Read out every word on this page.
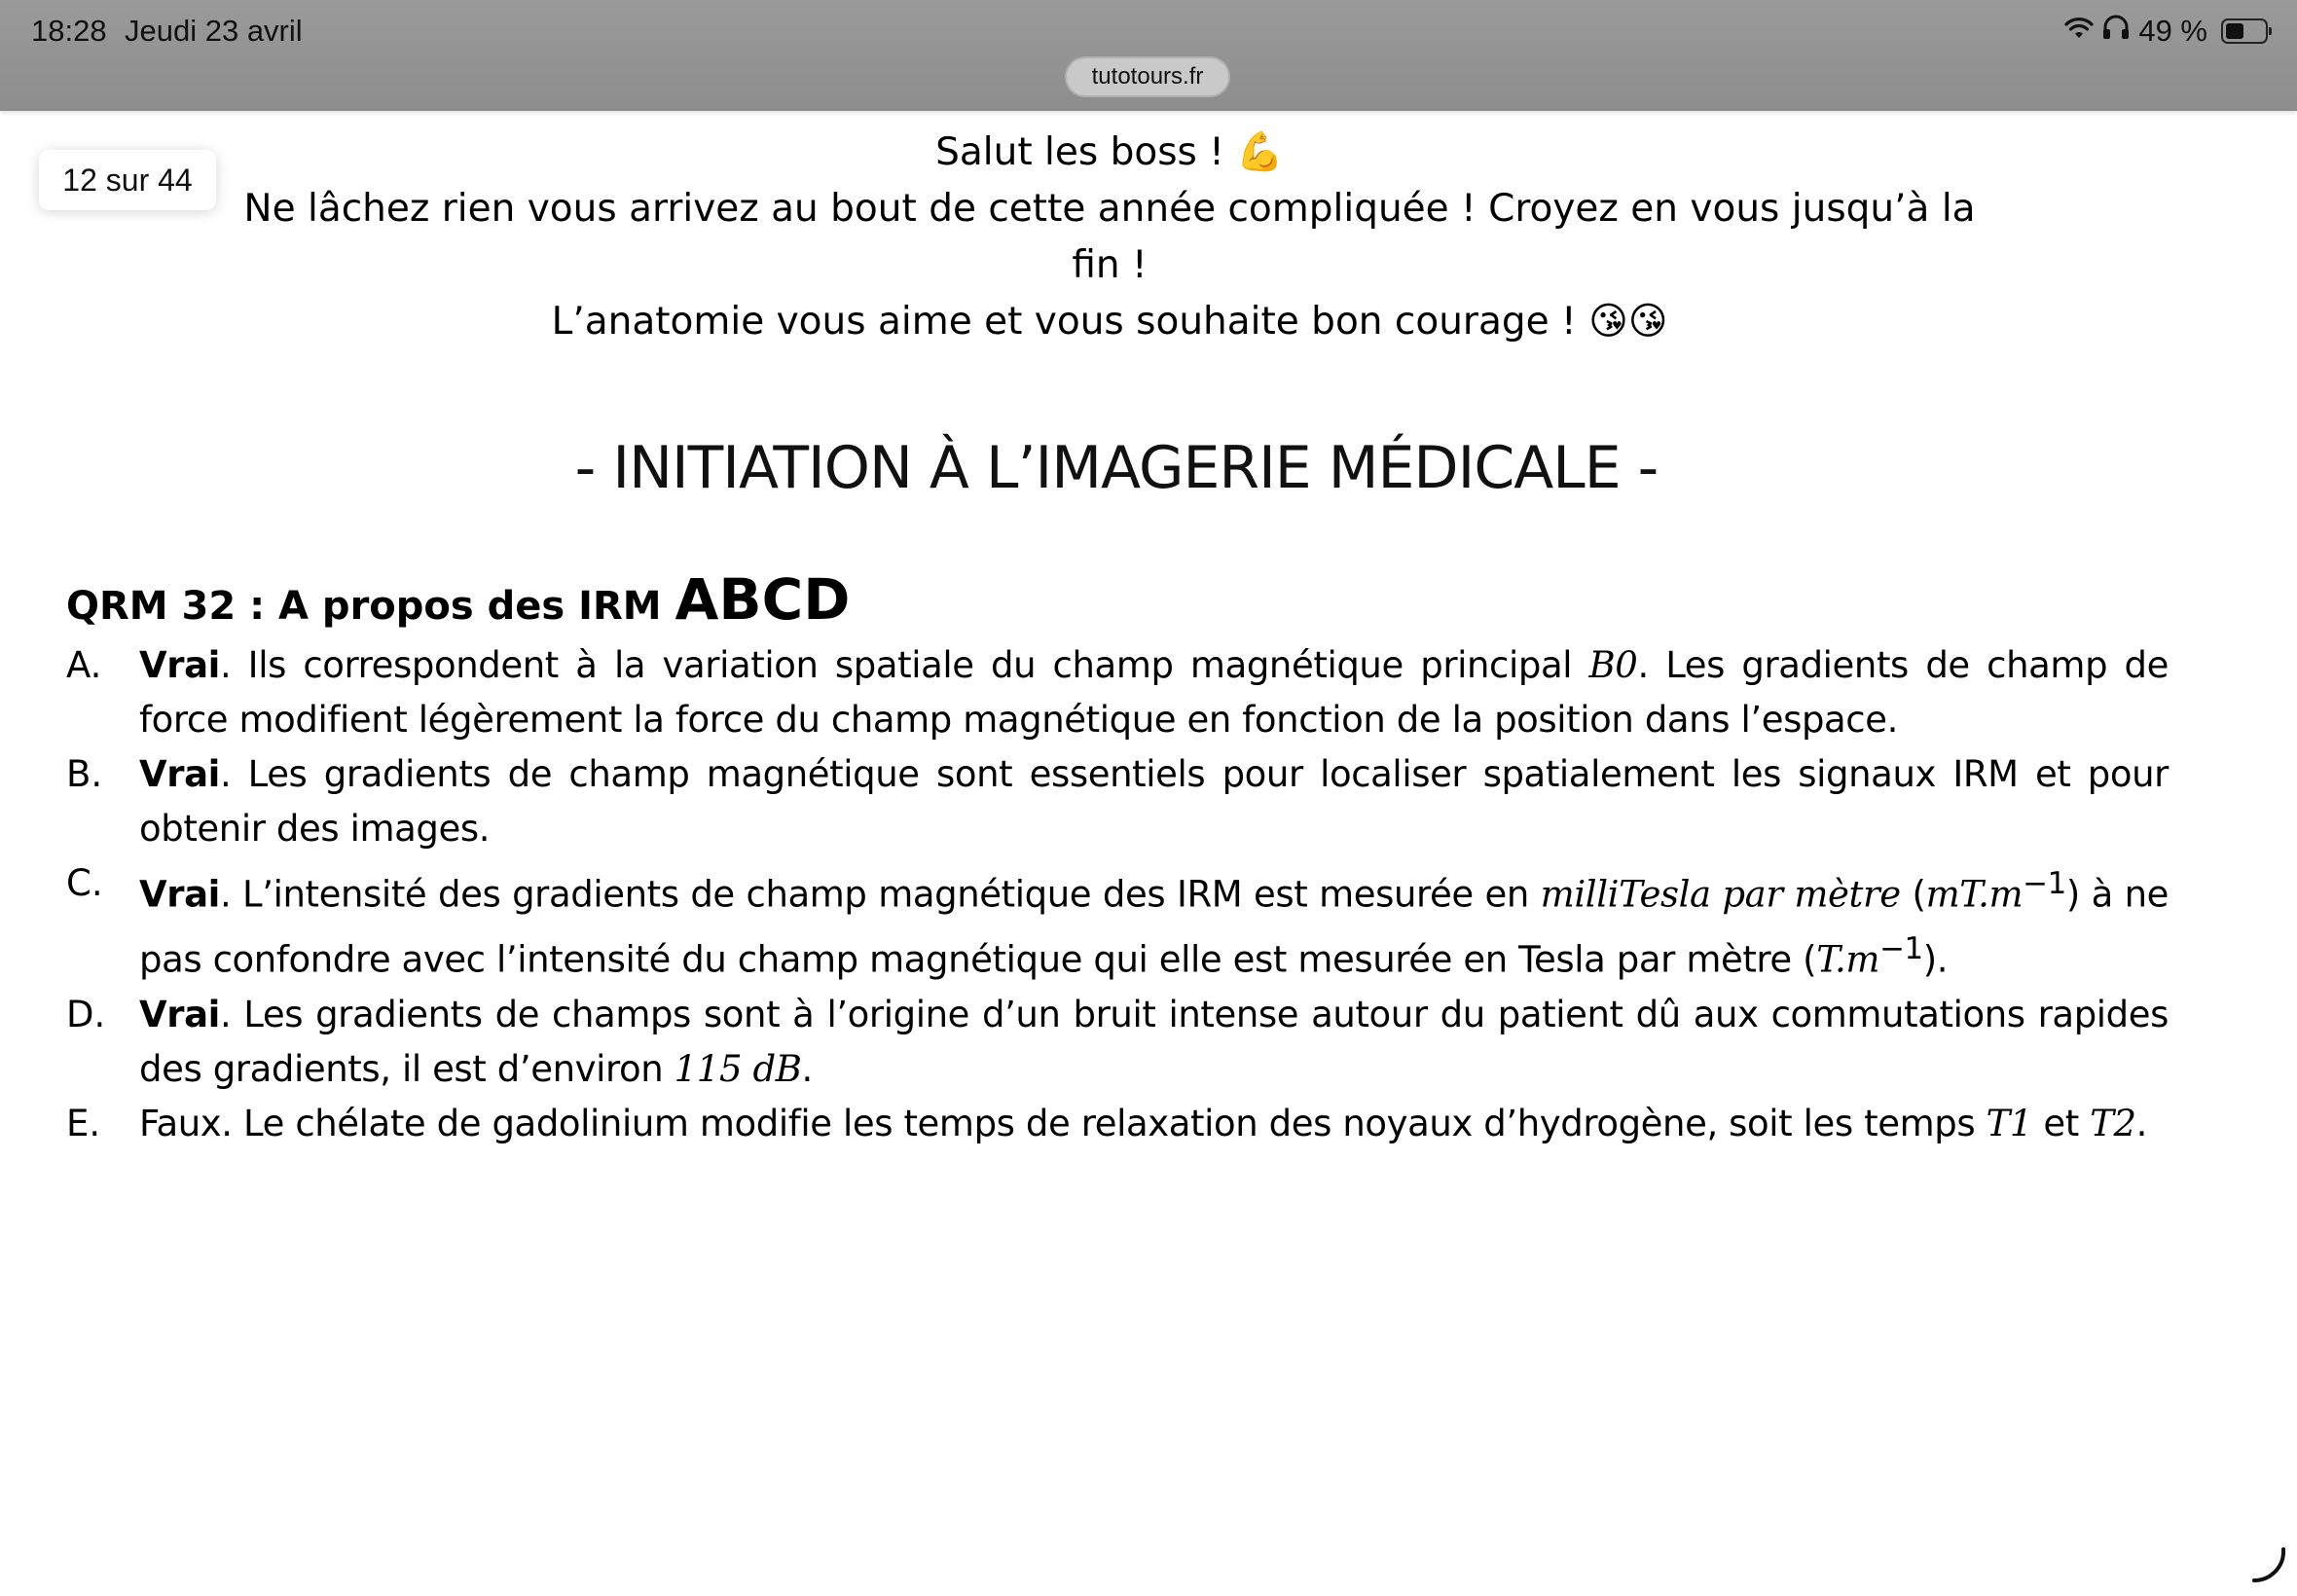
18:28 Jeudi 23 avril	49 %
tutotours.fr
12 sur 44
Salut les boss ! 💪
Ne lâchez rien vous arrivez au bout de cette année compliquée ! Croyez en vous jusqu’à la fin !
L’anatomie vous aime et vous souhaite bon courage ! 😘😘
- INITIATION À L’IMAGERIE MÉDICALE -
QRM 32 : A propos des IRM ABCD
A.	Vrai. Ils correspondent à la variation spatiale du champ magnétique principal B0. Les gradients de champ de force modifient légèrement la force du champ magnétique en fonction de la position dans l’espace.
B.	Vrai. Les gradients de champ magnétique sont essentiels pour localiser spatialement les signaux IRM et pour obtenir des images.
C.	Vrai. L’intensité des gradients de champ magnétique des IRM est mesurée en milliTesla par mètre $(mT.m^{-1})$ à ne pas confondre avec l’intensité du champ magnétique qui elle est mesurée en Tesla par mètre $(T.m^{-1})$.
D. Vrai. Les gradients de champs sont à l’origine d’un bruit intense autour du patient dû aux commutations rapides des gradients, il est d’environ 115 dB.
E.	Faux. Le chélate de gadolinium modifie les temps de relaxation des noyaux d’hydrogène, soit les temps T1 et T2.
